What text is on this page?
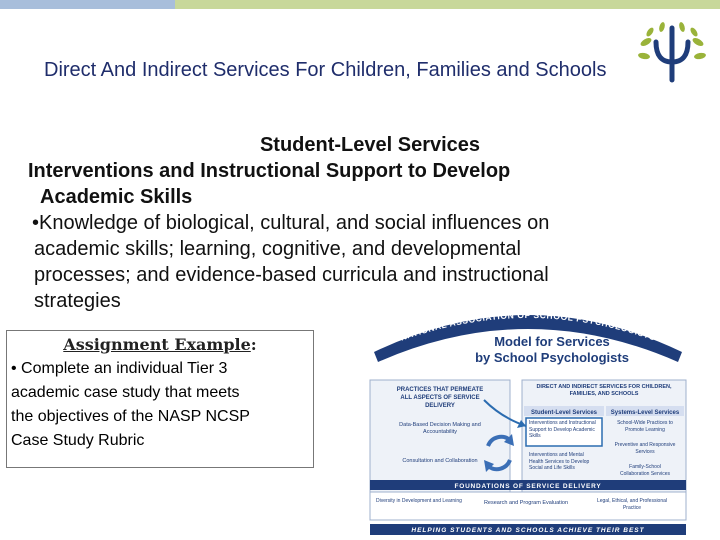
Direct And Indirect Services For Children, Families and Schools
Student-Level Services
Interventions and Instructional Support to Develop
Academic Skills
•Knowledge of biological, cultural, and social influences on
academic skills; learning, cognitive, and developmental
processes; and evidence-based curricula and instructional
strategies
Assignment Example:
• Complete an individual Tier 3
academic case study that meets
the objectives of the NASP NCSP
Case Study Rubric
NATIONAL ASSOCIATION OF SCHOOL PSYCHOLOGISTS
Model for Services
by School Psychologists
PRACTICES THAT PERMEATE ALL ASPECTS OF SERVICE DELIVERY
Data-Based Decision Making and Accountability
Consultation and Collaboration
DIRECT AND INDIRECT SERVICES FOR CHILDREN, FAMILIES, AND SCHOOLS
Student-Level Services Systems-Level Services
Interventions and Instructional Support to Develop Academic Skills
Interventions and Mental Health Services to Develop Social and Life Skills
School-Wide Practices to Promote Learning
Preventive and Responsive Services
Family-School Collaboration Services
FOUNDATIONS OF SERVICE DELIVERY
Diversity in Development and Learning	Research and Program Evaluation	Legal, Ethical, and Professional Practice
HELPING STUDENTS AND SCHOOLS ACHIEVE THEIR BEST
